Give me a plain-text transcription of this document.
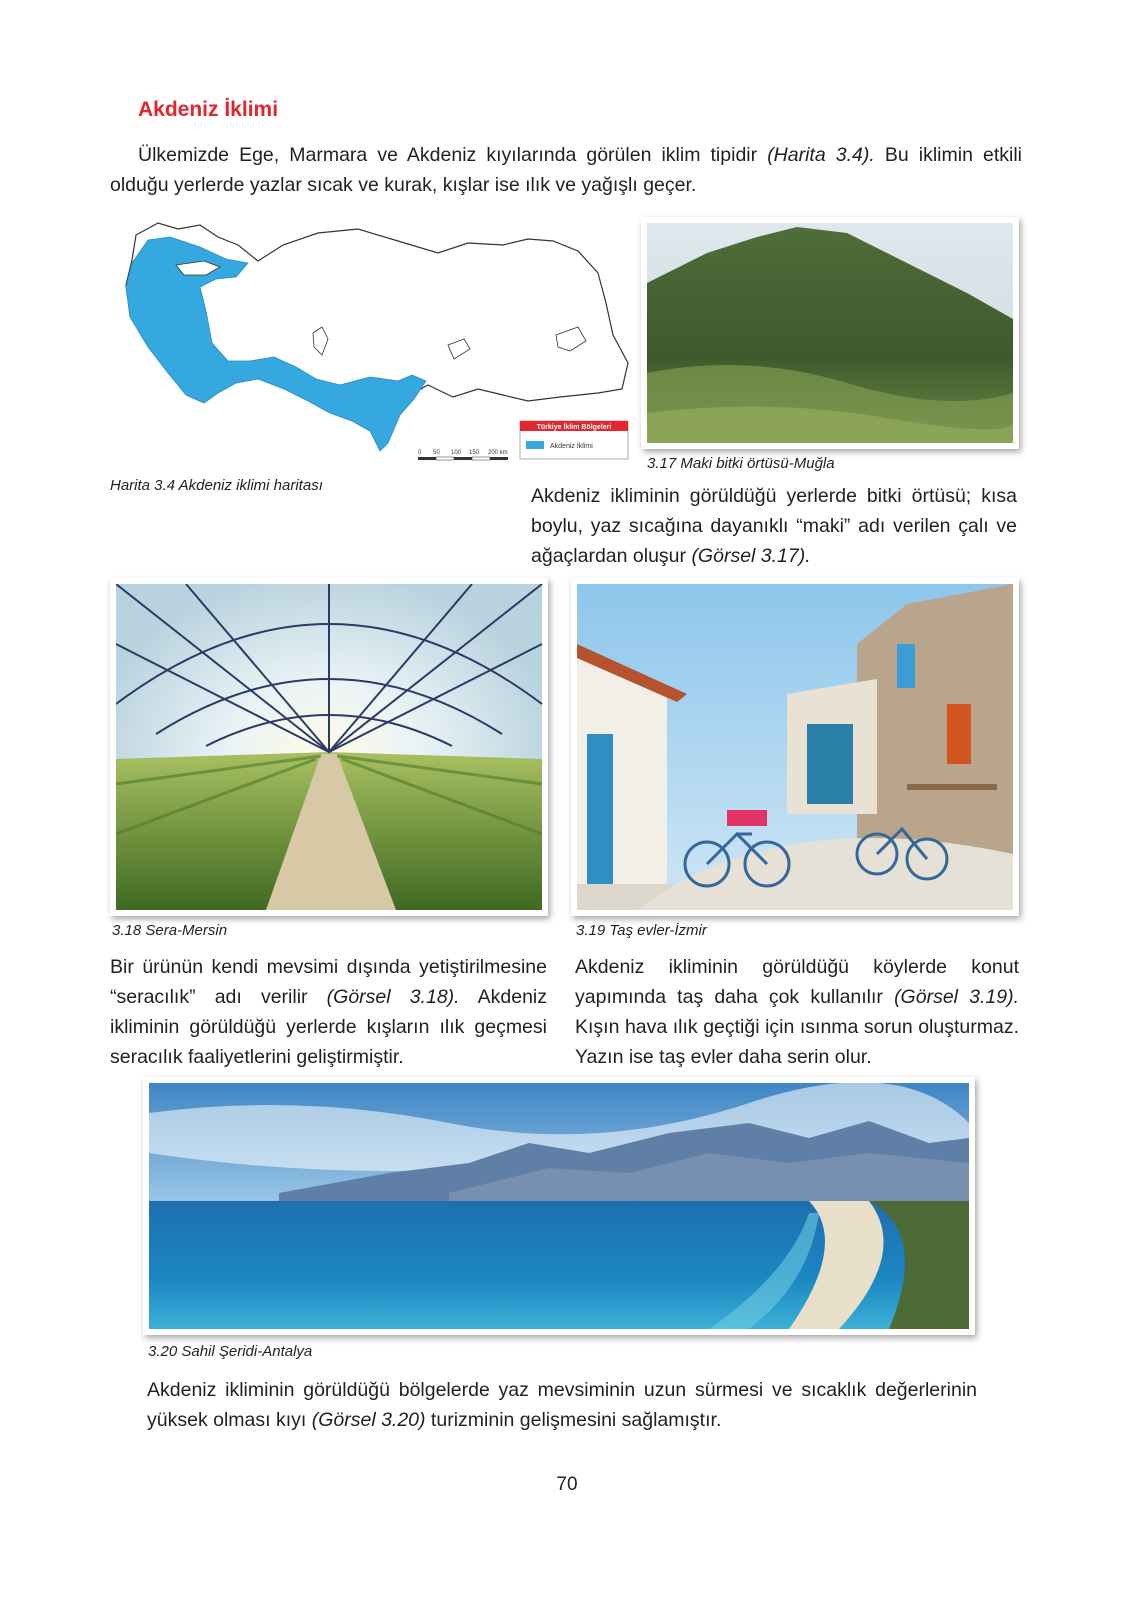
Akdeniz İklimi
Ülkemizde Ege, Marmara ve Akdeniz kıyılarında görülen iklim tipidir (Harita 3.4). Bu iklimin etkili olduğu yerlerde yazlar sıcak ve kurak, kışlar ise ılık ve yağışlı geçer.
Türkiye İklim Bölgeleri
Akdeniz İklimi
0 50 100 150 200 km
Harita 3.4 Akdeniz iklimi haritası
3.17 Maki bitki örtüsü-Muğla
Akdeniz ikliminin görüldüğü yerlerde bitki örtüsü; kısa boylu, yaz sıcağına dayanıklı “maki” adı verilen çalı ve ağaçlardan oluşur (Görsel 3.17).
3.18 Sera-Mersin
Bir ürünün kendi mevsimi dışında yetiştirilmesine “seracılık” adı verilir (Görsel 3.18). Akdeniz ikliminin görüldüğü yerlerde kışların ılık geçmesi seracılık faaliyetlerini geliştirmiştir.
3.19 Taş evler-İzmir
Akdeniz ikliminin görüldüğü köylerde konut yapımında taş daha çok kullanılır (Görsel 3.19). Kışın hava ılık geçtiği için ısınma sorun oluşturmaz. Yazın ise taş evler daha serin olur.
3.20 Sahil Şeridi-Antalya
Akdeniz ikliminin görüldüğü bölgelerde yaz mevsiminin uzun sürmesi ve sıcaklık değerlerinin yüksek olması kıyı (Görsel 3.20) turizminin gelişmesini sağlamıştır.
70
